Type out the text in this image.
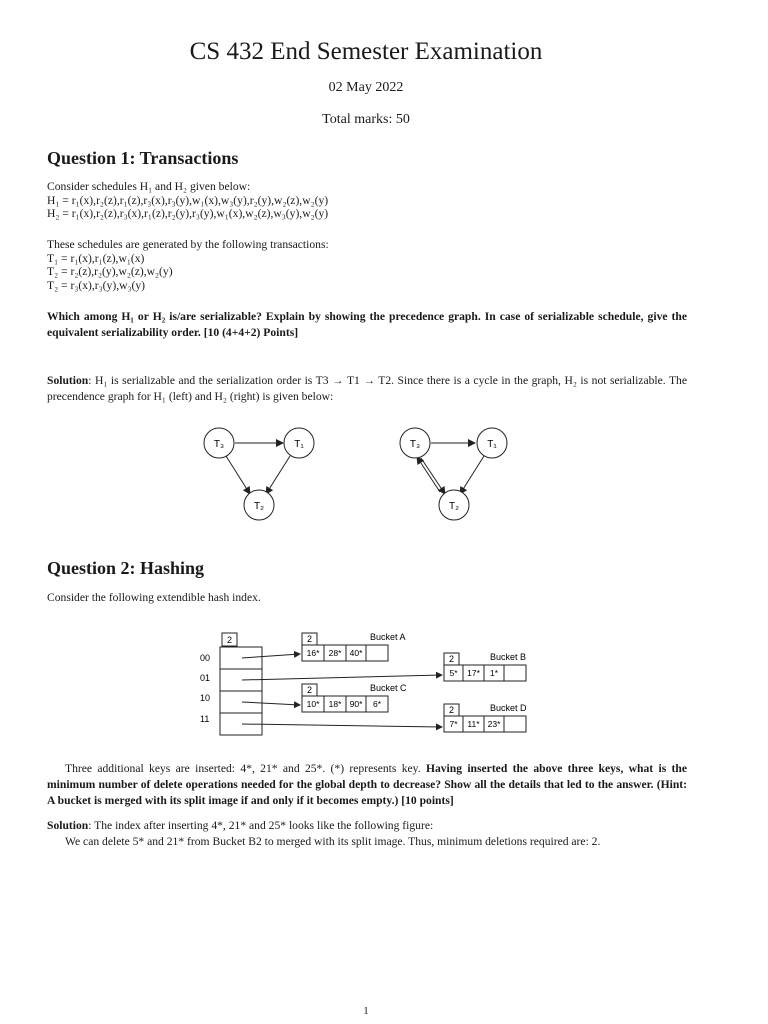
CS 432 End Semester Examination
02 May 2022
Total marks: 50
Question 1: Transactions
Consider schedules H₁ and H₂ given below:
H₁ = r₁(x),r₂(z),r₁(z),r₃(x),r₃(y),w₁(x),w₃(y),r₂(y),w₂(z),w₂(y)
H₂ = r₁(x),r₂(z),r₃(x),r₁(z),r₂(y),r₃(y),w₁(x),w₂(z),w₃(y),w₂(y)
These schedules are generated by the following transactions:
T₁ = r₁(x),r₁(z),w₁(x)
T₂ = r₂(z),r₂(y),w₂(z),w₂(y)
T₂ = r₃(x),r₃(y),w₃(y)
Which among H₁ or H₂ is/are serializable? Explain by showing the precedence graph. In case of serializable schedule, give the equivalent serializability order. [10 (4+4+2) Points]
Solution: H₁ is serializable and the serialization order is T3 → T1 → T2. Since there is a cycle in the graph, H₂ is not serializable. The precendence graph for H₁ (left) and H₂ (right) is given below:
T₃	T₁
T₂
T₃	T₁
T₂
Question 2: Hashing
Consider the following extendible hash index.
2
00
01
10
11
2	Bucket A
16* 28* 40*
2	Bucket C
10* 18* 90* 6*
2	Bucket B
5* 17* 1*
2	Bucket D
7* 11* 23*
Three additional keys are inserted: 4*, 21* and 25*. (*) represents key. Having inserted the above three keys, what is the minimum number of delete operations needed for the global depth to decrease? Show all the details that led to the answer. (Hint: A bucket is merged with its split image if and only if it becomes empty.) [10 points]
Solution: The index after inserting 4*, 21* and 25* looks like the following figure:
We can delete 5* and 21* from Bucket B2 to merged with its split image. Thus, minimum deletions required are: 2.
1
